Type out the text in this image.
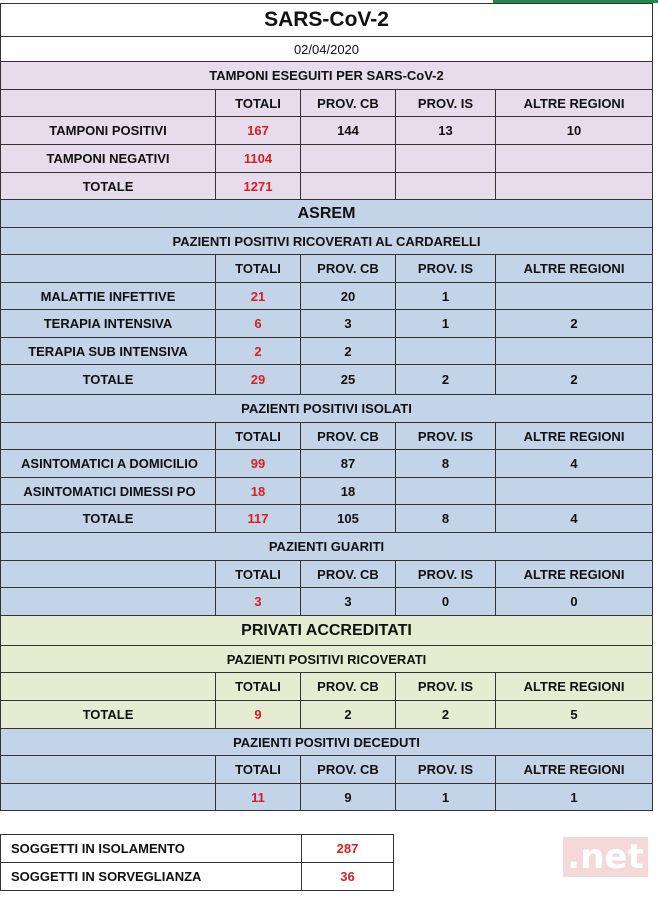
SARS-CoV-2				
02/04/2020				
TAMPONI ESEGUITI PER SARS-CoV-2				
	TOTALI	PROV. CB	PROV. IS	ALTRE REGIONI
TAMPONI POSITIVI	167	144	13	10
TAMPONI NEGATIVI	1104			
TOTALE	1271			
ASREM				
PAZIENTI POSITIVI RICOVERATI AL CARDARELLI				
	TOTALI	PROV. CB	PROV. IS	ALTRE REGIONI
MALATTIE INFETTIVE	21	20	1	
TERAPIA INTENSIVA	6	3	1	2
TERAPIA SUB INTENSIVA	2	2		
TOTALE	29	25	2	2
PAZIENTI POSITIVI ISOLATI				
	TOTALI	PROV. CB	PROV. IS	ALTRE REGIONI
ASINTOMATICI A DOMICILIO	99	87	8	4
ASINTOMATICI DIMESSI PO	18	18		
TOTALE	117	105	8	4
PAZIENTI GUARITI				
	TOTALI	PROV. CB	PROV. IS	ALTRE REGIONI
	3	3	0	0
PRIVATI ACCREDITATI				
PAZIENTI POSITIVI RICOVERATI				
	TOTALI	PROV. CB	PROV. IS	ALTRE REGIONI
TOTALE	9	2	2	5
PAZIENTI POSITIVI DECEDUTI				
	TOTALI	PROV. CB	PROV. IS	ALTRE REGIONI
	11	9	1	1
SOGGETTI IN ISOLAMENTO	287
SOGGETTI IN SORVEGLIANZA	36	.net
